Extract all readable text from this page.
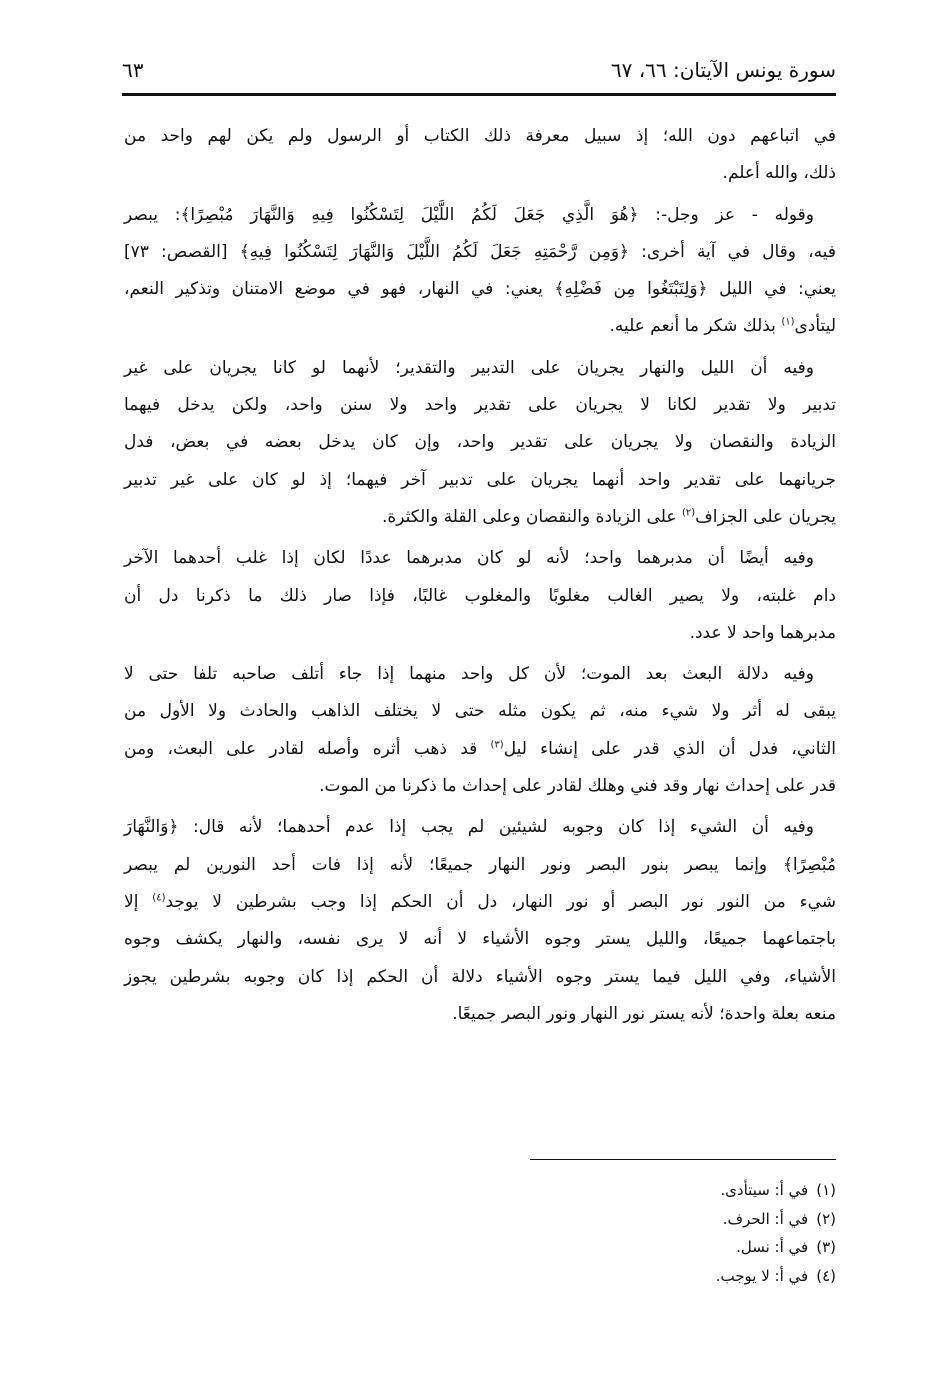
سورة يونس الآيتان: ٦٦، ٦٧
٦٣
في اتباعهم دون الله؛ إذ سبيل معرفة ذلك الكتاب أو الرسول ولم يكن لهم واحد من
ذلك، والله أعلم.
وقوله - عز وجل-: ﴿هُوَ الَّذِي جَعَلَ لَكُمُ اللَّيْلَ لِتَسْكُنُوا فِيهِ وَالنَّهَارَ مُبْصِرًا﴾: يبصر
فيه، وقال في آية أخرى: ﴿وَمِن رَّحْمَتِهِ جَعَلَ لَكُمُ اللَّيْلَ وَالنَّهَارَ لِتَسْكُنُوا فِيهِ﴾ [القصص: ٧٣]
يعني: في الليل ﴿وَلِتَبْتَغُوا مِن فَضْلِهِ﴾ يعني: في النهار، فهو في موضع الامتنان وتذكير النعم،
ليتأدى$^{(١)}$ بذلك شكر ما أنعم عليه.
وفيه أن الليل والنهار يجريان على التدبير والتقدير؛ لأنهما لو كانا يجريان على غير
تدبير ولا تقدير لكانا لا يجريان على تقدير واحد ولا سنن واحد، ولكن يدخل فيهما
الزيادة والنقصان ولا يجريان على تقدير واحد، وإن كان يدخل بعضه في بعض، فدل
جريانهما على تقدير واحد أنهما يجريان على تدبير آخر فيهما؛ إذ لو كان على غير تدبير
يجريان على الجزاف$^{(٢)}$ على الزيادة والنقصان وعلى القلة والكثرة.
وفيه أيضًا أن مدبرهما واحد؛ لأنه لو كان مدبرهما عددًا لكان إذا غلب أحدهما الآخر
دام غلبته، ولا يصير الغالب مغلوبًا والمغلوب غالبًا، فإذا صار ذلك ما ذكرنا دل أن
مدبرهما واحد لا عدد.
وفيه دلالة البعث بعد الموت؛ لأن كل واحد منهما إذا جاء أتلف صاحبه تلفا حتى لا
يبقى له أثر ولا شيء منه، ثم يكون مثله حتى لا يختلف الذاهب والحادث ولا الأول من
الثاني، فدل أن الذي قدر على إنشاء ليل$^{(٣)}$ قد ذهب أثره وأصله لقادر على البعث، ومن
قدر على إحداث نهار وقد فني وهلك لقادر على إحداث ما ذكرنا من الموت.
وفيه أن الشيء إذا كان وجوبه لشيئين لم يجب إذا عدم أحدهما؛ لأنه قال: ﴿وَالنَّهَارَ
مُبْصِرًا﴾ وإنما يبصر بنور البصر ونور النهار جميعًا؛ لأنه إذا فات أحد النورين لم يبصر
شيء من النور نور البصر أو نور النهار، دل أن الحكم إذا وجب بشرطين لا يوجد$^{(٤)}$ إلا
باجتماعهما جميعًا، والليل يستر وجوه الأشياء لا أنه لا يرى نفسه، والنهار يكشف وجوه
الأشياء، وفي الليل فيما يستر وجوه الأشياء دلالة أن الحكم إذا كان وجوبه بشرطين يجوز
منعه بعلة واحدة؛ لأنه يستر نور النهار ونور البصر جميعًا.
(١)في أ: سيتأدى.
(٢)في أ: الحرف.
(٣)في أ: نسل.
(٤)في أ: لا يوجب.
